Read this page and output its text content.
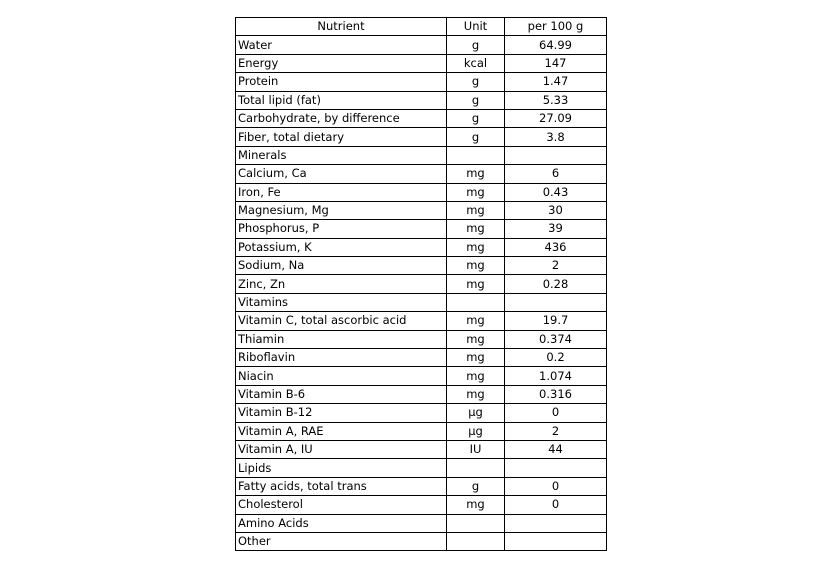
Nutrient	Unit	per 100 g
Water	g	64.99
Energy	kcal	147
Protein	g	1.47
Total lipid (fat)	g	5.33
Carbohydrate, by difference	g	27.09
Fiber, total dietary	g	3.8
Minerals		
Calcium, Ca	mg	6
Iron, Fe	mg	0.43
Magnesium, Mg	mg	30
Phosphorus, P	mg	39
Potassium, K	mg	436
Sodium, Na	mg	2
Zinc, Zn	mg	0.28
Vitamins		
Vitamin C, total ascorbic acid	mg	19.7
Thiamin	mg	0.374
Riboflavin	mg	0.2
Niacin	mg	1.074
Vitamin B-6	mg	0.316
Vitamin B-12	µg	0
Vitamin A, RAE	µg	2
Vitamin A, IU	IU	44
Lipids		
Fatty acids, total trans	g	0
Cholesterol	mg	0
Amino Acids		
Other		
